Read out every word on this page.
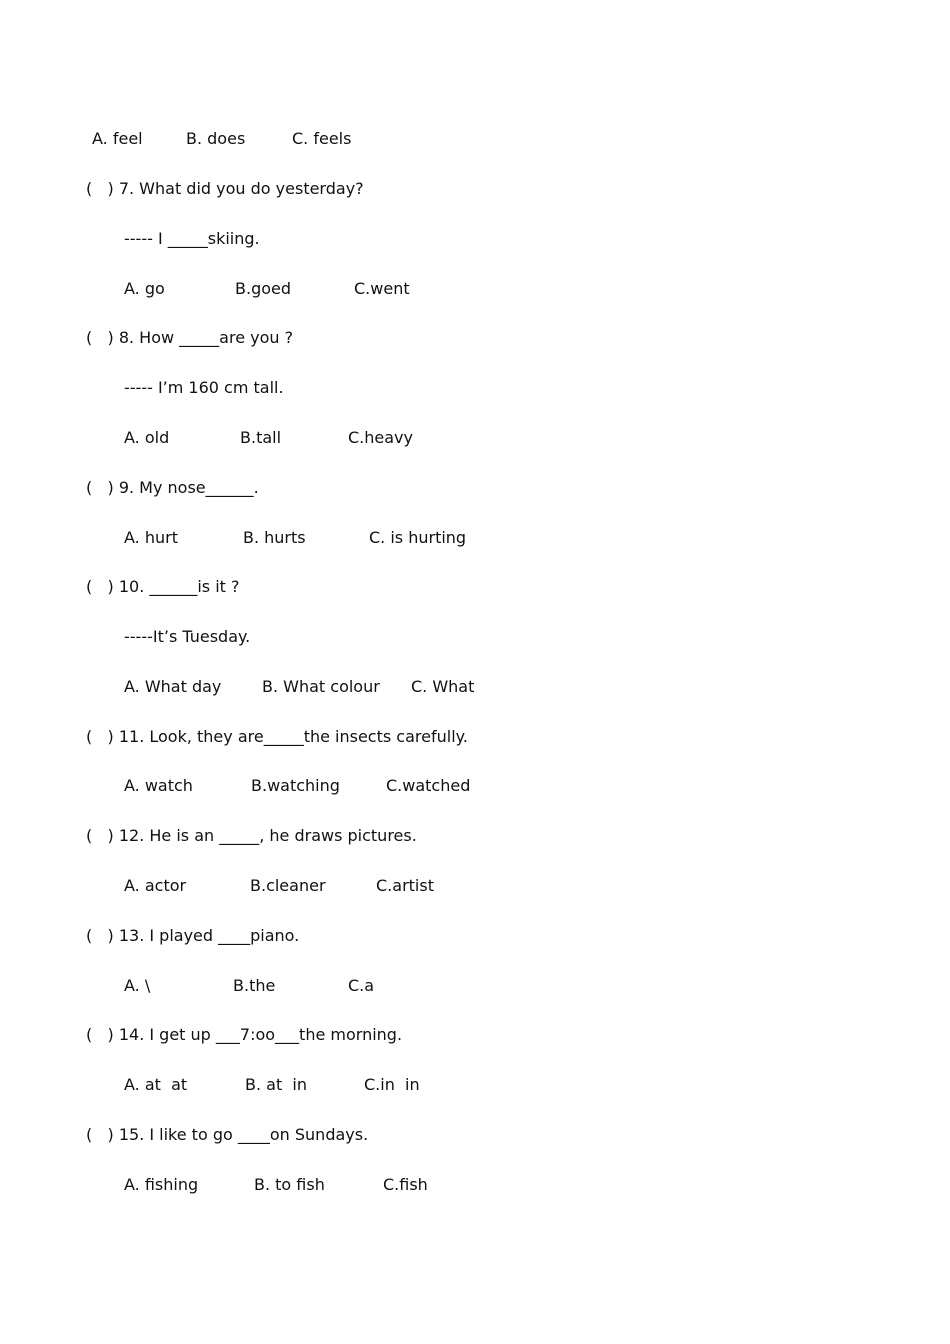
A. feel

	B. does

	C. feels

(   ) 7. What did you do yesterday?
----- I _____skiing.

A. go

	B.goed

	C.went

(   ) 8. How _____are you ?
----- I’m 160 cm tall.

A. old

	B.tall

	C.heavy

(   ) 9. My nose______.

A. hurt

	B. hurts

	C. is hurting

(   ) 10. ______is it ?
-----It’s Tuesday.

A. What day

	B. What colour

C. What

(   ) 11. Look, they are_____the insects carefully.

A. watch

	B.watching

	C.watched

(   ) 12. He is an _____, he draws pictures.

A. actor

	B.cleaner

	C.artist

(   ) 13. I played ____piano.

A. \

	B.the

	C.a

(   ) 14. I get up ___7:oo___the morning.

A. at  at

	B. at  in

	C.in  in

(   ) 15. I like to go ____on Sundays.

A. fishing

	B. to fish

	C.fish
